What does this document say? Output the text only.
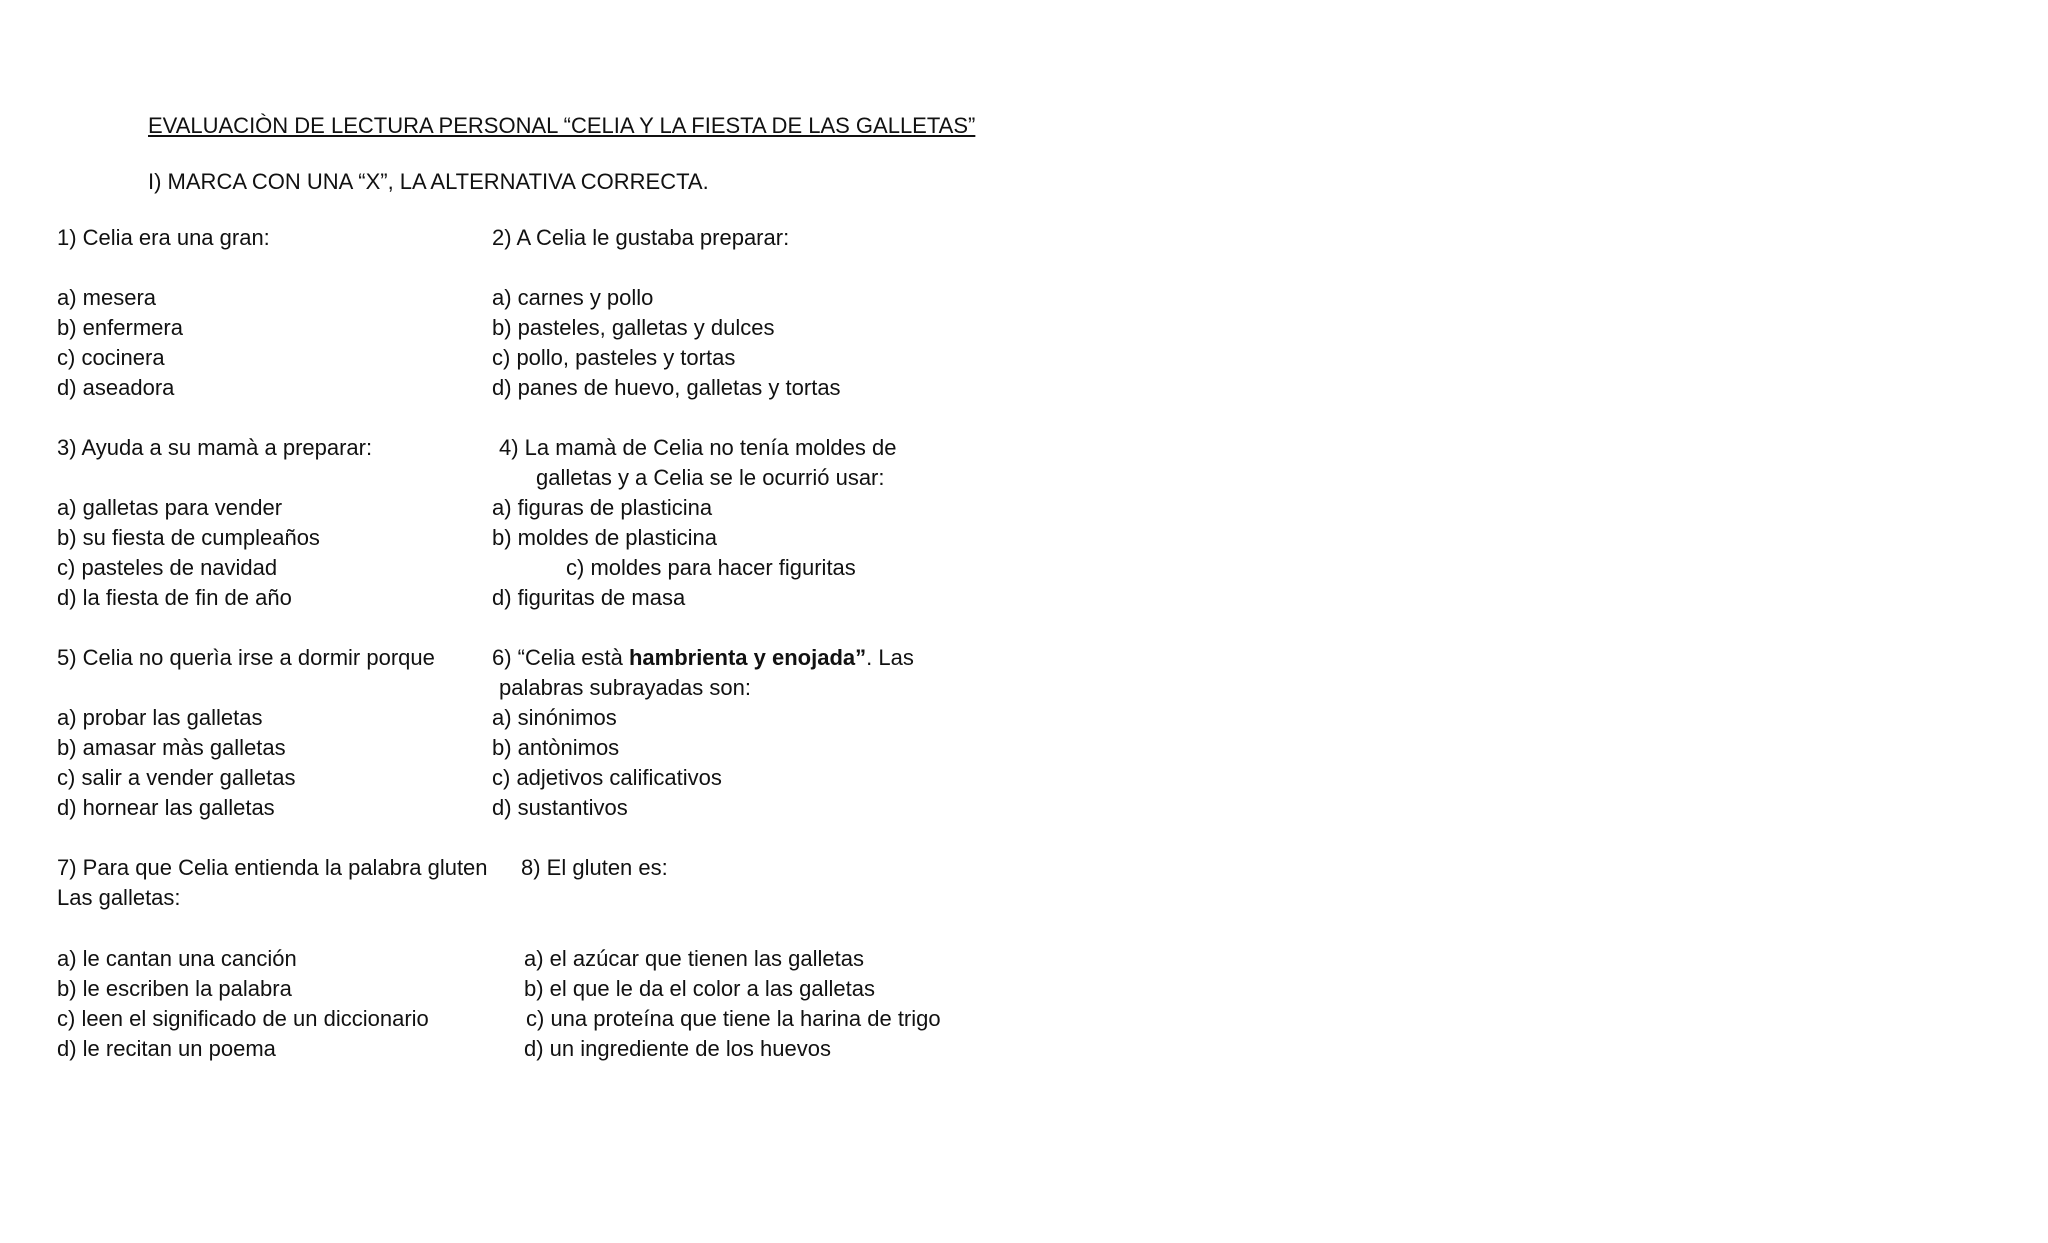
EVALUACIÒN DE LECTURA PERSONAL “CELIA Y LA FIESTA DE LAS GALLETAS”
I) MARCA CON UNA “X”, LA ALTERNATIVA CORRECTA.
1) Celia era una gran:
a) mesera
b) enfermera
c) cocinera
d) aseadora
2) A Celia le gustaba preparar:
a) carnes y pollo
b) pasteles, galletas y dulces
c) pollo, pasteles y tortas
d) panes de huevo, galletas y tortas
3) Ayuda a su mamà a preparar:
a) galletas para vender
b) su fiesta de cumpleaños
c) pasteles de navidad
d) la fiesta de fin de año
4) La mamà de Celia no tenía moldes de
galletas y a Celia se le ocurrió usar:
a) figuras de plasticina
b) moldes de plasticina
c) moldes para hacer figuritas
d) figuritas de masa
5) Celia no querìa irse a dormir porque
a) probar las galletas
b) amasar màs galletas
c) salir a vender galletas
d) hornear las galletas
6) “Celia està hambrienta y enojada”. Las
palabras subrayadas son:
a) sinónimos
b) antònimos
c) adjetivos calificativos
d) sustantivos
7) Para que Celia entienda la palabra gluten
Las galletas:
a) le cantan una canción
b) le escriben la palabra
c) leen el significado de un diccionario
d) le recitan un poema
8) El gluten es:
a) el azúcar que tienen las galletas
b) el que le da el color a las galletas
c) una proteína que tiene la harina de trigo
d) un ingrediente de los huevos
